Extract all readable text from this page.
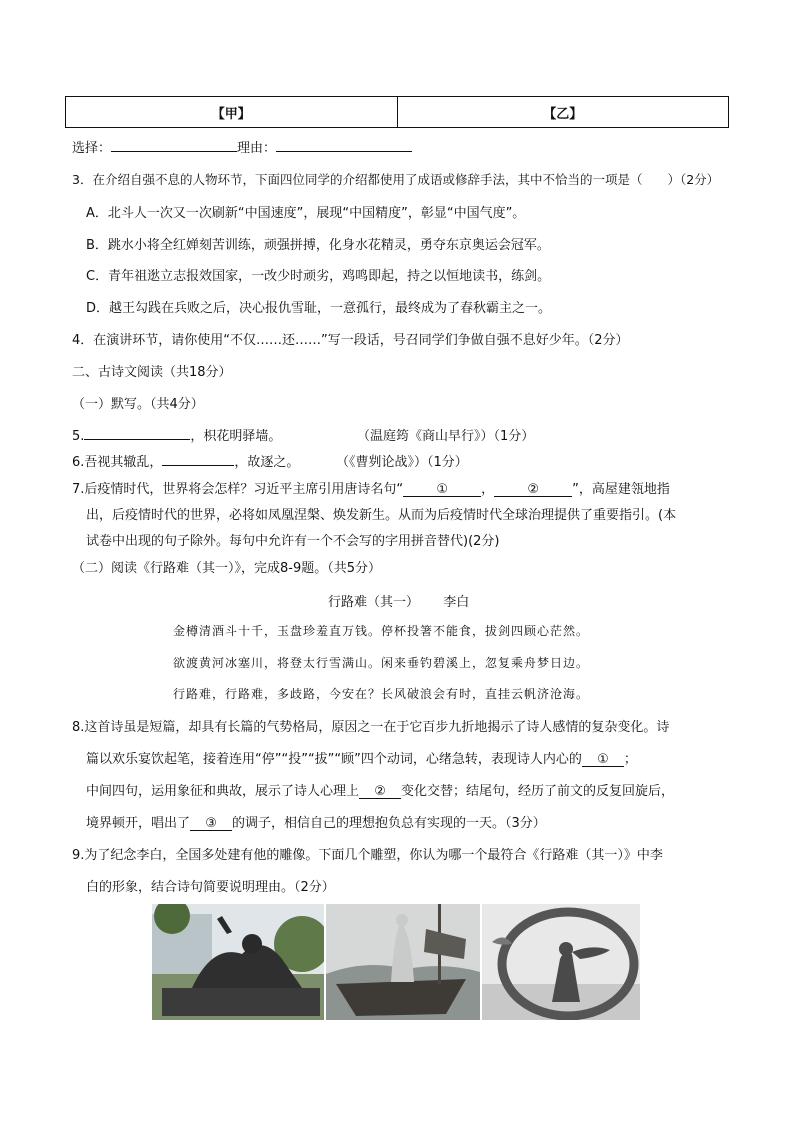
【甲】	【乙】
选择：	理由：
3．在介绍自强不息的人物环节，下面四位同学的介绍都使用了成语或修辞手法，其中不恰当的一项是（　　）（2分）
A．北斗人一次又一次刷新“中国速度”，展现“中国精度”，彰显“中国气度”。
B．跳水小将全红婵刻苦训练，顽强拼搏，化身水花精灵，勇夺东京奥运会冠军。
C．青年祖逖立志报效国家，一改少时顽劣，鸡鸣即起，持之以恒地读书，练剑。
D．越王勾践在兵败之后，决心报仇雪耻，一意孤行，最终成为了春秋霸主之一。
4．在演讲环节，请你使用“不仅……还……”写一段话，号召同学们争做自强不息好少年。（2分）
二、古诗文阅读（共18分）
（一）默写。（共4分）
5.	，枳花明驿墙。	（温庭筠《商山早行》）（1分）
6.吾视其辙乱，	，故逐之。	（《曹刿论战》）（1分）
7.后疫情时代，世界将会怎样？习近平主席引用唐诗名句“	①	，	②	”，高屋建瓴地指
出，后疫情时代的世界，必将如凤凰涅槃、焕发新生。从而为后疫情时代全球治理提供了重要指引。(本
试卷中出现的句子除外。每句中允许有一个不会写的字用拼音替代)(2分)
（二）阅读《行路难（其一）》，完成8-9题。（共5分）
行路难（其一） 李白
金樽清酒斗十千，玉盘珍羞直万钱。停杯投箸不能食，拔剑四顾心茫然。
欲渡黄河冰塞川，将登太行雪满山。闲来垂钓碧溪上，忽复乘舟梦日边。
行路难，行路难，多歧路，今安在？长风破浪会有时，直挂云帆济沧海。
8.这首诗虽是短篇，却具有长篇的气势格局，原因之一在于它百步九折地揭示了诗人感情的复杂变化。诗
篇以欢乐宴饮起笔，接着连用“停”“投”“拔”“顾”四个动词，心绪急转，表现诗人内心的 ① ；
中间四句，运用象征和典故，展示了诗人心理上 ② 变化交替；结尾句，经历了前文的反复回旋后，
境界顿开，唱出了 ③ 的调子，相信自己的理想抱负总有实现的一天。（3分）
9.为了纪念李白，全国多处建有他的雕像。下面几个雕塑，你认为哪一个最符合《行路难（其一）》中李
白的形象，结合诗句简要说明理由。（2分）
